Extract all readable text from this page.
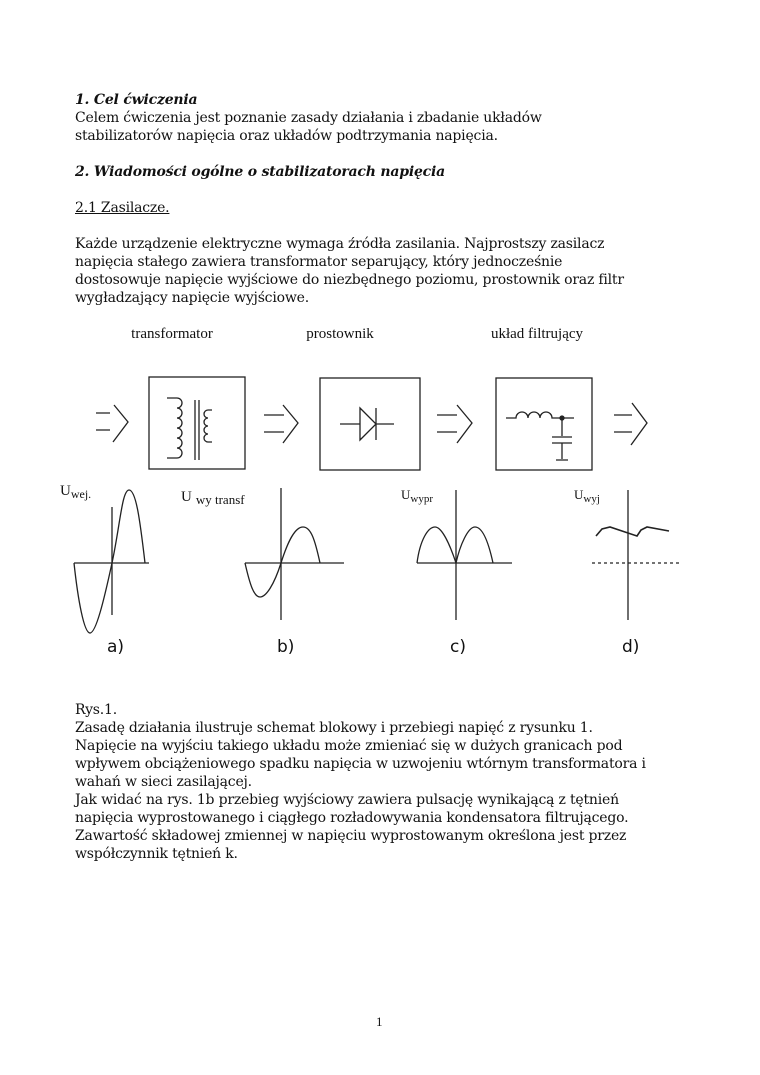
1. Cel ćwiczenia
Celem ćwiczenia jest poznanie zasady działania i zbadanie układów
stabilizatorów napięcia oraz układów podtrzymania napięcia.
2. Wiadomości ogólne o stabilizatorach napięcia
2.1 Zasilacze.
Każde urządzenie elektryczne wymaga źródła zasilania. Najprostszy zasilacz
napięcia stałego zawiera transformator separujący, który jednocześnie
dostosowuje napięcie wyjściowe do niezbędnego poziomu, prostownik oraz filtr
wygładzający napięcie wyjściowe.
transformator	prostownik	układ filtrujący
$U_{wej.}$	U wy transf	$U_{wypr}$	$U_{wyj}$
a)	b)	c)	d)
Rys.1.
Zasadę działania ilustruje schemat blokowy i przebiegi napięć z rysunku 1.
Napięcie na wyjściu takiego układu może zmieniać się w dużych granicach pod
wpływem obciążeniowego spadku napięcia w uzwojeniu wtórnym transformatora i
wahań w sieci zasilającej.
Jak widać na rys. 1b przebieg wyjściowy zawiera pulsację wynikającą z tętnień
napięcia wyprostowanego i ciągłego rozładowywania kondensatora filtrującego.
Zawartość składowej zmiennej w napięciu wyprostowanym określona jest przez
współczynnik tętnień k.
1
